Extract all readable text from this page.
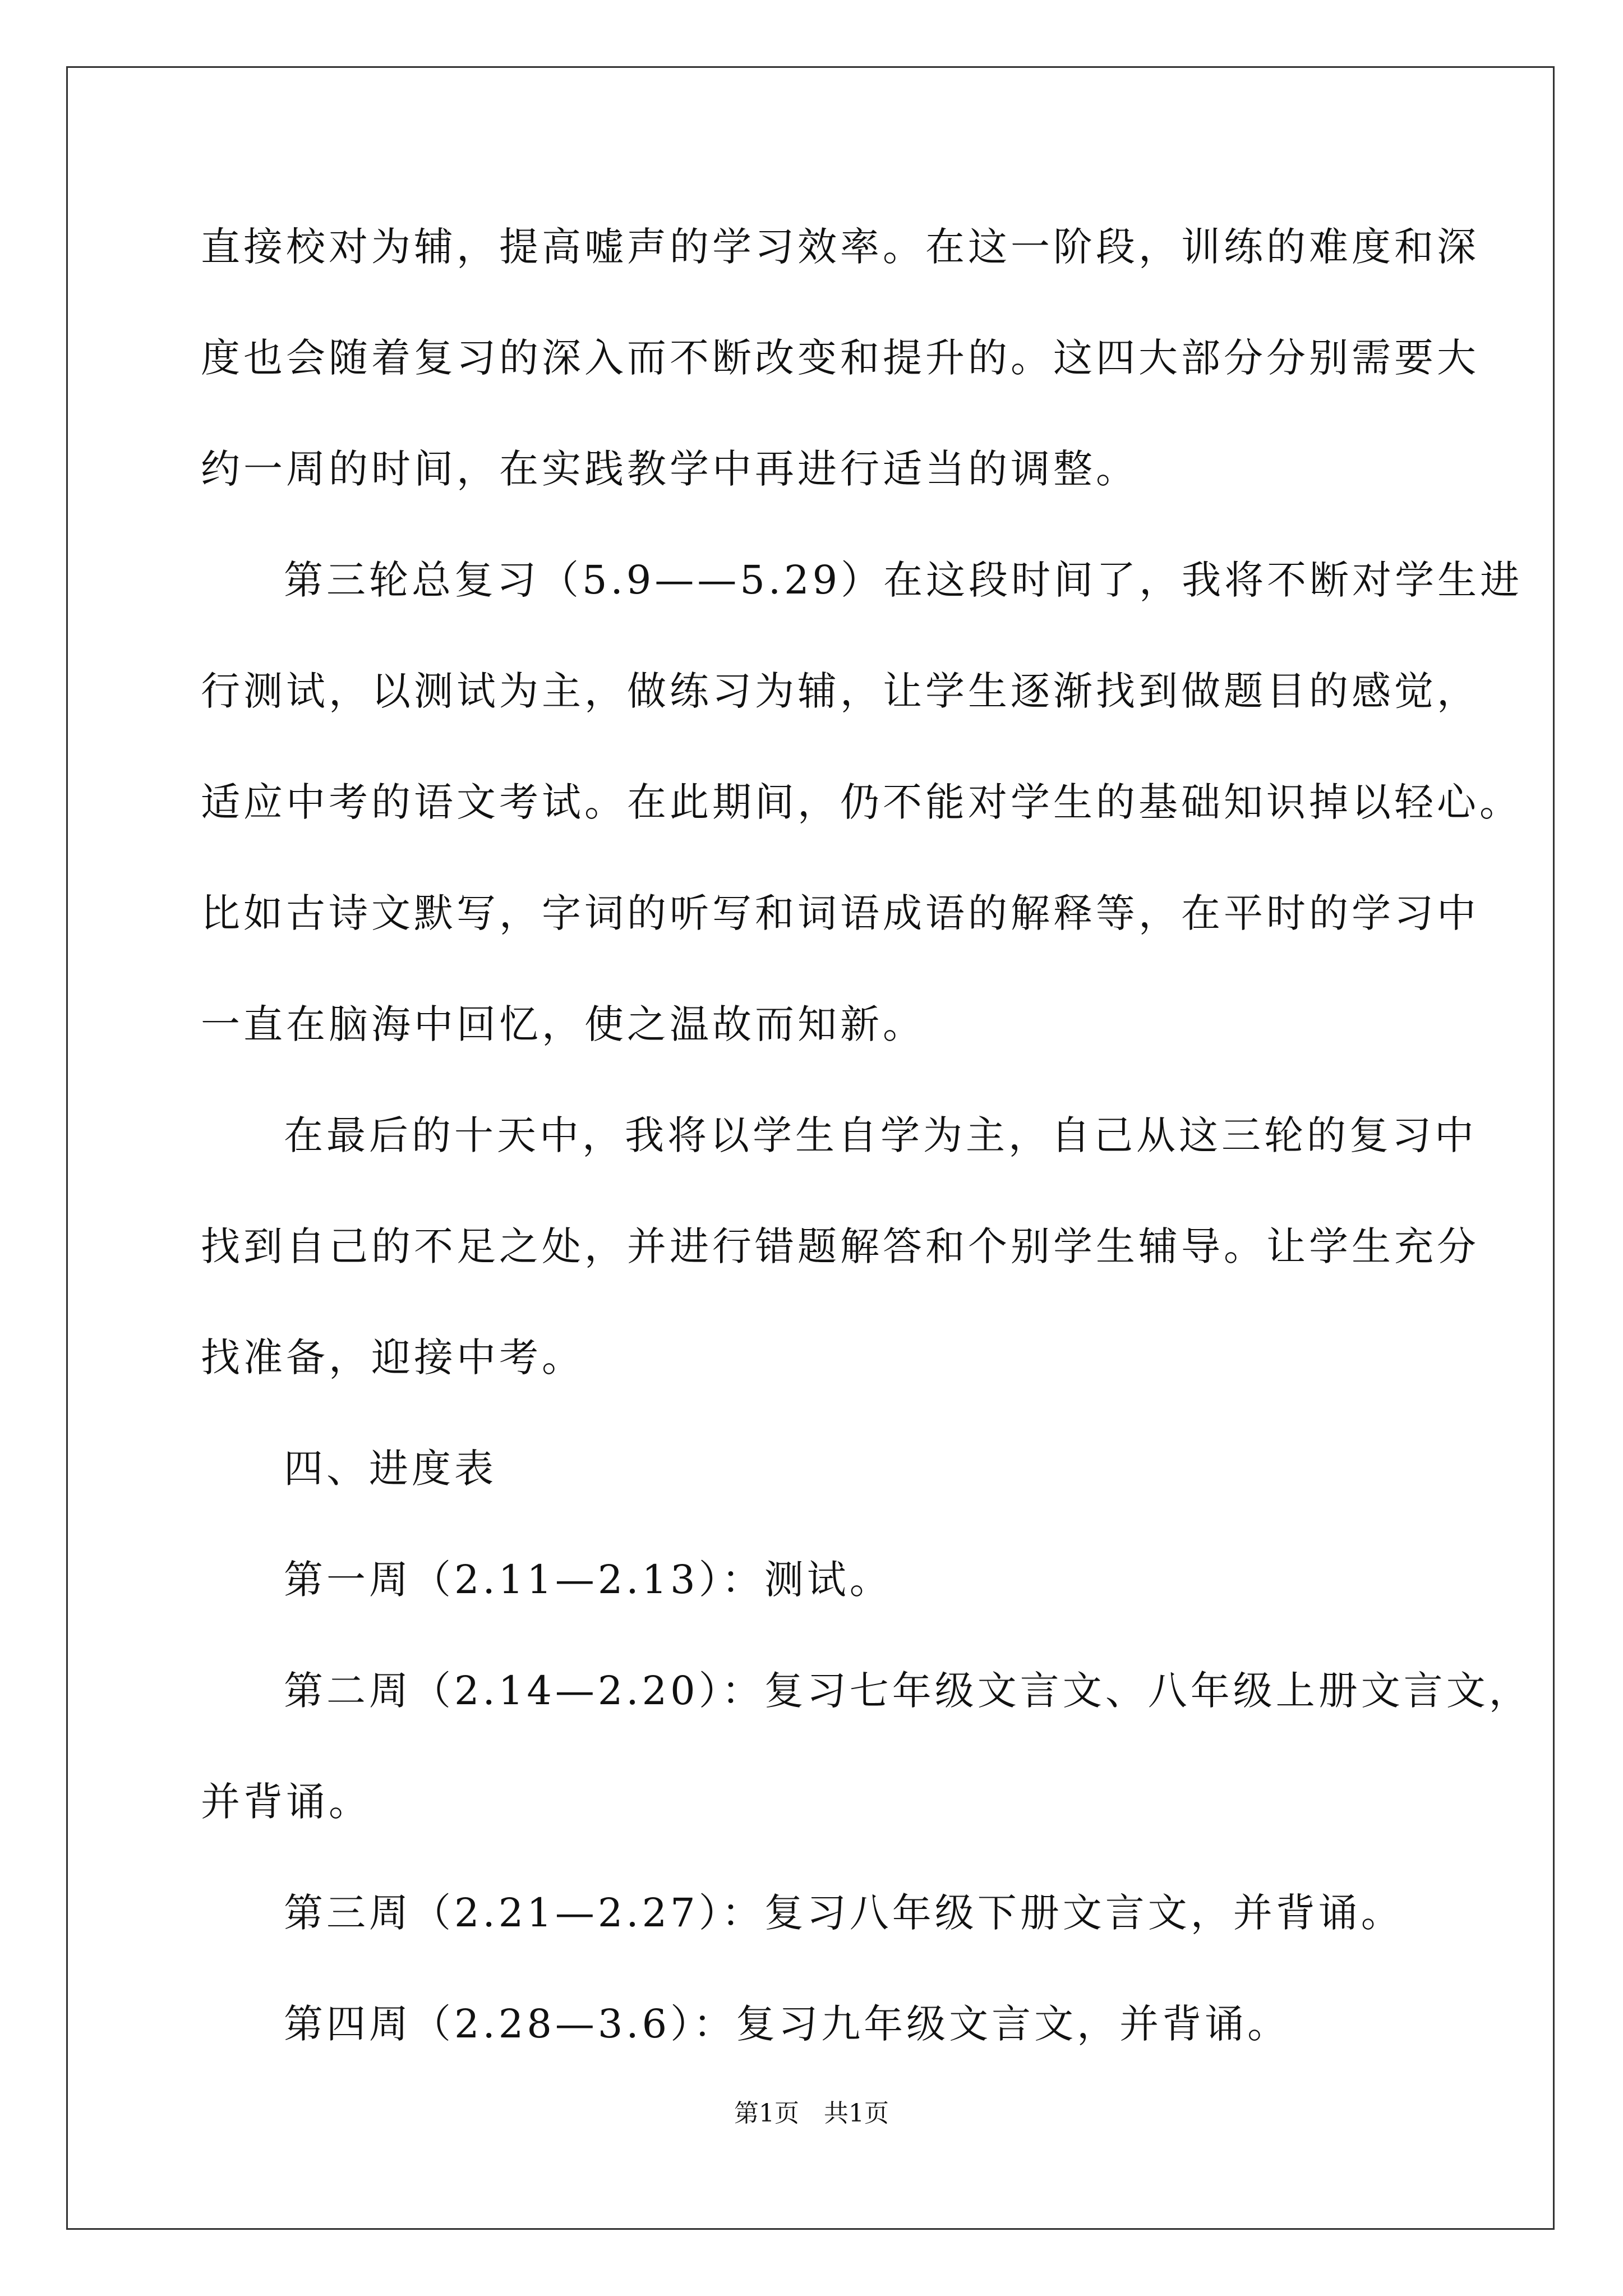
直接校对为辅，提高嘘声的学习效率。在这一阶段，训练的难度和深
度也会随着复习的深入而不断改变和提升的。这四大部分分别需要大
约一周的时间，在实践教学中再进行适当的调整。
第三轮总复习（5.9——5.29）在这段时间了，我将不断对学生进
行测试，以测试为主，做练习为辅，让学生逐渐找到做题目的感觉，
适应中考的语文考试。在此期间，仍不能对学生的基础知识掉以轻心。
比如古诗文默写，字词的听写和词语成语的解释等，在平时的学习中
一直在脑海中回忆，使之温故而知新。
在最后的十天中，我将以学生自学为主，自己从这三轮的复习中
找到自己的不足之处，并进行错题解答和个别学生辅导。让学生充分
找准备，迎接中考。
四、进度表
第一周（2.11—2.13）：测试。
第二周（2.14—2.20）：复习七年级文言文、八年级上册文言文，
并背诵。
第三周（2.21—2.27）：复习八年级下册文言文，并背诵。
第四周（2.28—3.6）：复习九年级文言文，并背诵。
第1页　共1页
